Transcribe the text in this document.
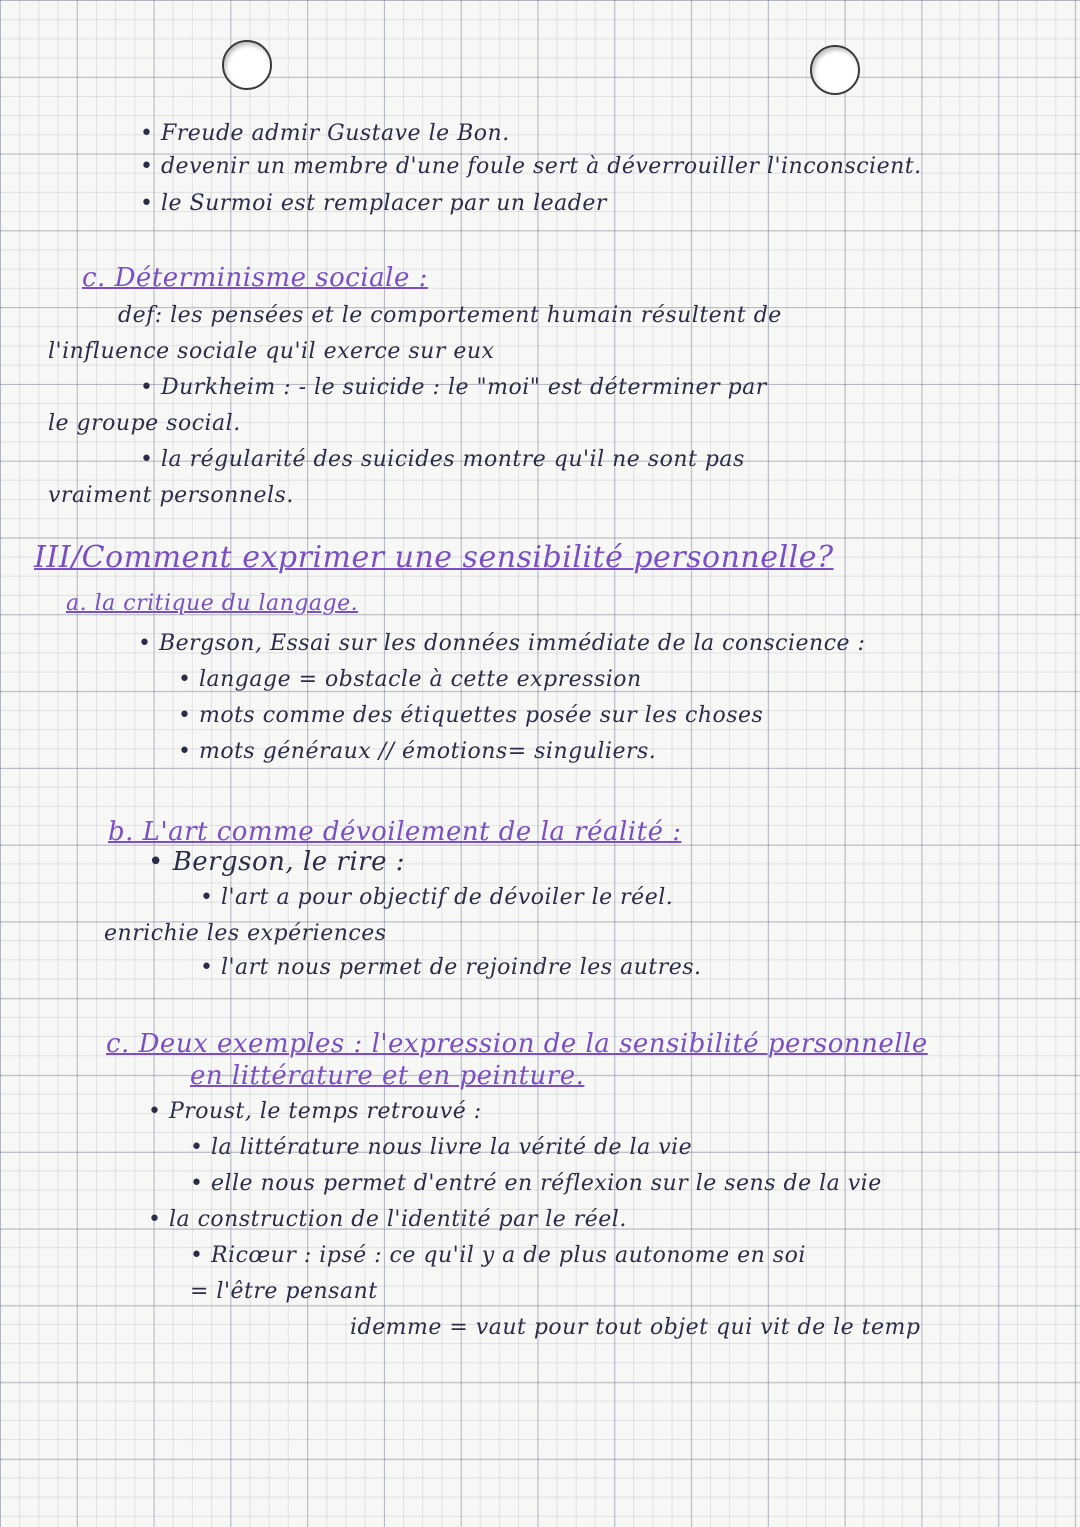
• Freude admir Gustave le Bon.
• devenir un membre d'une foule sert à déverrouiller l'inconscient.
• le Surmoi est remplacer par un leader
c. Déterminisme sociale :
def: les pensées et le comportement humain résultent de
l'influence sociale qu'il exerce sur eux
• Durkheim : - le suicide : le "moi" est déterminer par
le groupe social.
• la régularité des suicides montre qu'il ne sont pas
vraiment personnels.
III/Comment exprimer une sensibilité personnelle?
a. la critique du langage.
• Bergson, Essai sur les données immédiate de la conscience :
• langage = obstacle à cette expression
• mots comme des étiquettes posée sur les choses
• mots généraux // émotions= singuliers.
b. L'art comme dévoilement de la réalité :
• Bergson, le rire :
• l'art a pour objectif de dévoiler le réel.
enrichie les expériences
• l'art nous permet de rejoindre les autres.
c. Deux exemples : l'expression de la sensibilité personnelle
en littérature et en peinture.
• Proust, le temps retrouvé :
• la littérature nous livre la vérité de la vie
• elle nous permet d'entré en réflexion sur le sens de la vie
• la construction de l'identité par le réel.
• Ricœur : ipsé : ce qu'il y a de plus autonome en soi
= l'être pensant
idemme = vaut pour tout objet qui vit de le temp
